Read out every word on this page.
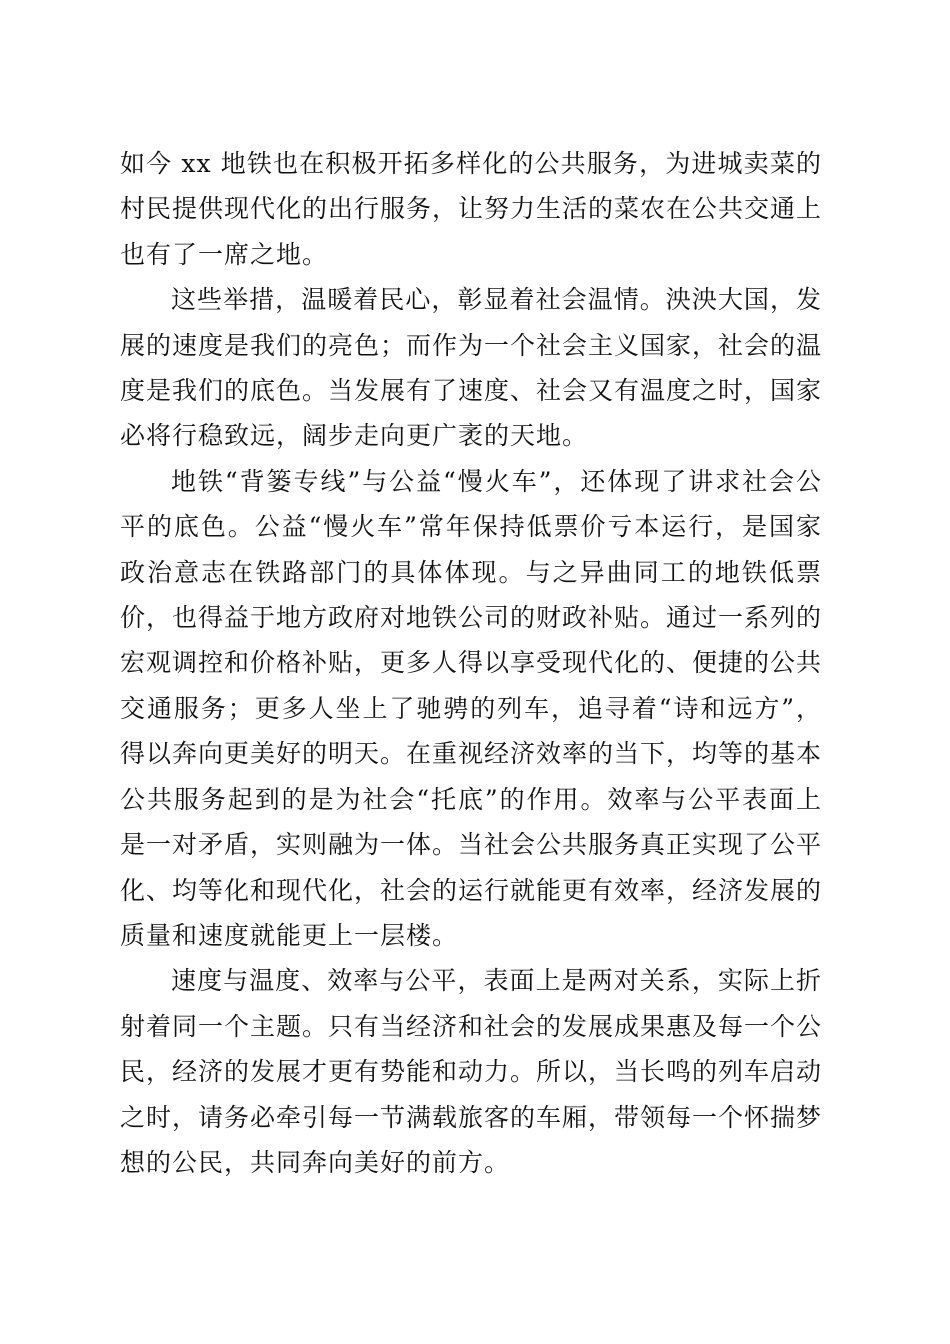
如今 xx 地铁也在积极开拓多样化的公共服务，为进城卖菜的村民提供现代化的出行服务，让努力生活的菜农在公共交通上也有了一席之地。

这些举措，温暖着民心，彰显着社会温情。泱泱大国，发展的速度是我们的亮色；而作为一个社会主义国家，社会的温度是我们的底色。当发展有了速度、社会又有温度之时，国家必将行稳致远，阔步走向更广袤的天地。

地铁“背篓专线”与公益“慢火车”，还体现了讲求社会公平的底色。公益“慢火车”常年保持低票价亏本运行，是国家政治意志在铁路部门的具体体现。与之异曲同工的地铁低票价，也得益于地方政府对地铁公司的财政补贴。通过一系列的宏观调控和价格补贴，更多人得以享受现代化的、便捷的公共交通服务；更多人坐上了驰骋的列车，追寻着“诗和远方”，得以奔向更美好的明天。在重视经济效率的当下，均等的基本公共服务起到的是为社会“托底”的作用。效率与公平表面上是一对矛盾，实则融为一体。当社会公共服务真正实现了公平化、均等化和现代化，社会的运行就能更有效率，经济发展的质量和速度就能更上一层楼。

速度与温度、效率与公平，表面上是两对关系，实际上折射着同一个主题。只有当经济和社会的发展成果惠及每一个公民，经济的发展才更有势能和动力。所以，当长鸣的列车启动之时，请务必牵引每一节满载旅客的车厢，带领每一个怀揣梦想的公民，共同奔向美好的前方。
